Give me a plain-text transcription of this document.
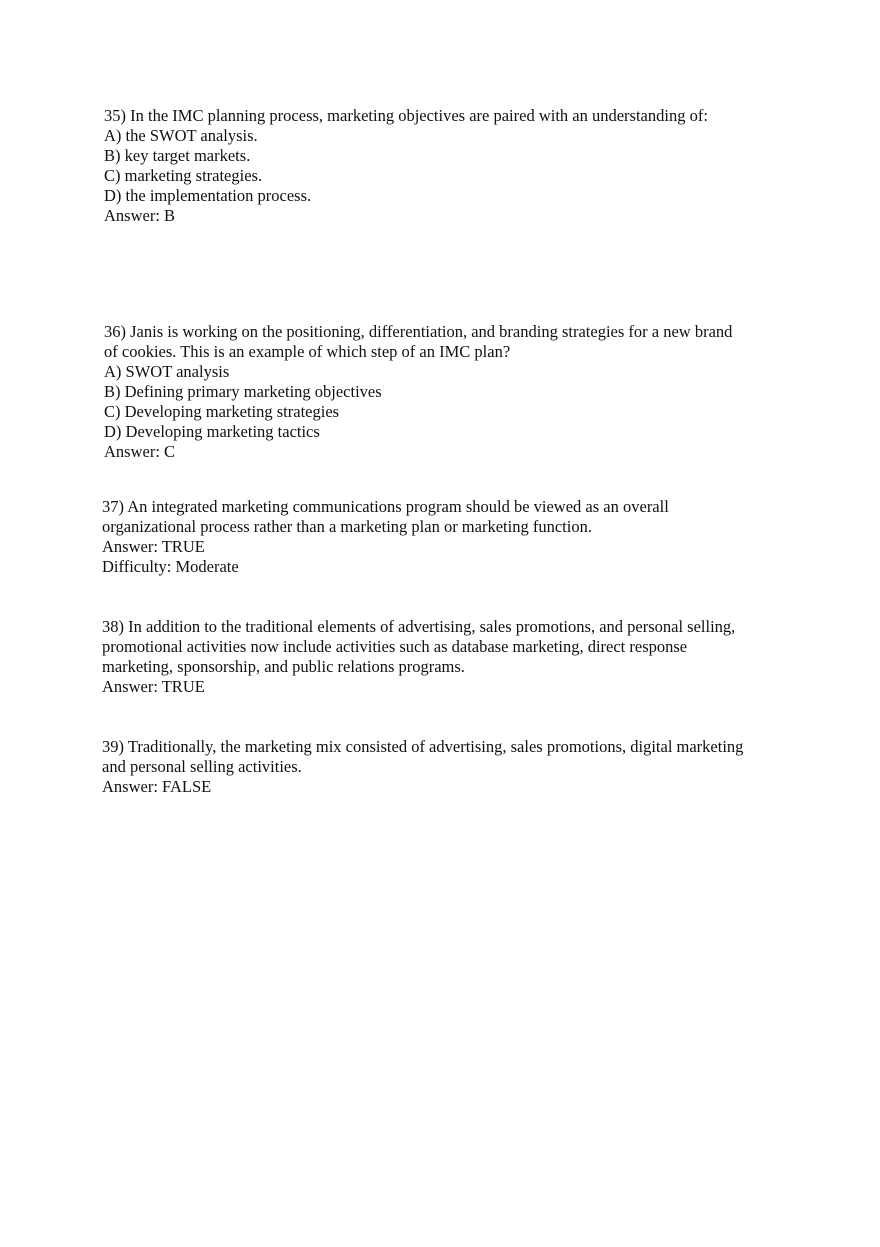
35) In the IMC planning process, marketing objectives are paired with an understanding of:
A) the SWOT analysis.
B) key target markets.
C) marketing strategies.
D) the implementation process.
Answer: B
36) Janis is working on the positioning, differentiation, and branding strategies for a new brand
of cookies. This is an example of which step of an IMC plan?
A) SWOT analysis
B) Defining primary marketing objectives
C) Developing marketing strategies
D) Developing marketing tactics
Answer: C
37) An integrated marketing communications program should be viewed as an overall
organizational process rather than a marketing plan or marketing function.
Answer: TRUE
Difficulty: Moderate
38) In addition to the traditional elements of advertising, sales promotions, and personal selling,
promotional activities now include activities such as database marketing, direct response
marketing, sponsorship, and public relations programs.
Answer: TRUE
39) Traditionally, the marketing mix consisted of advertising, sales promotions, digital marketing
and personal selling activities.
Answer: FALSE
